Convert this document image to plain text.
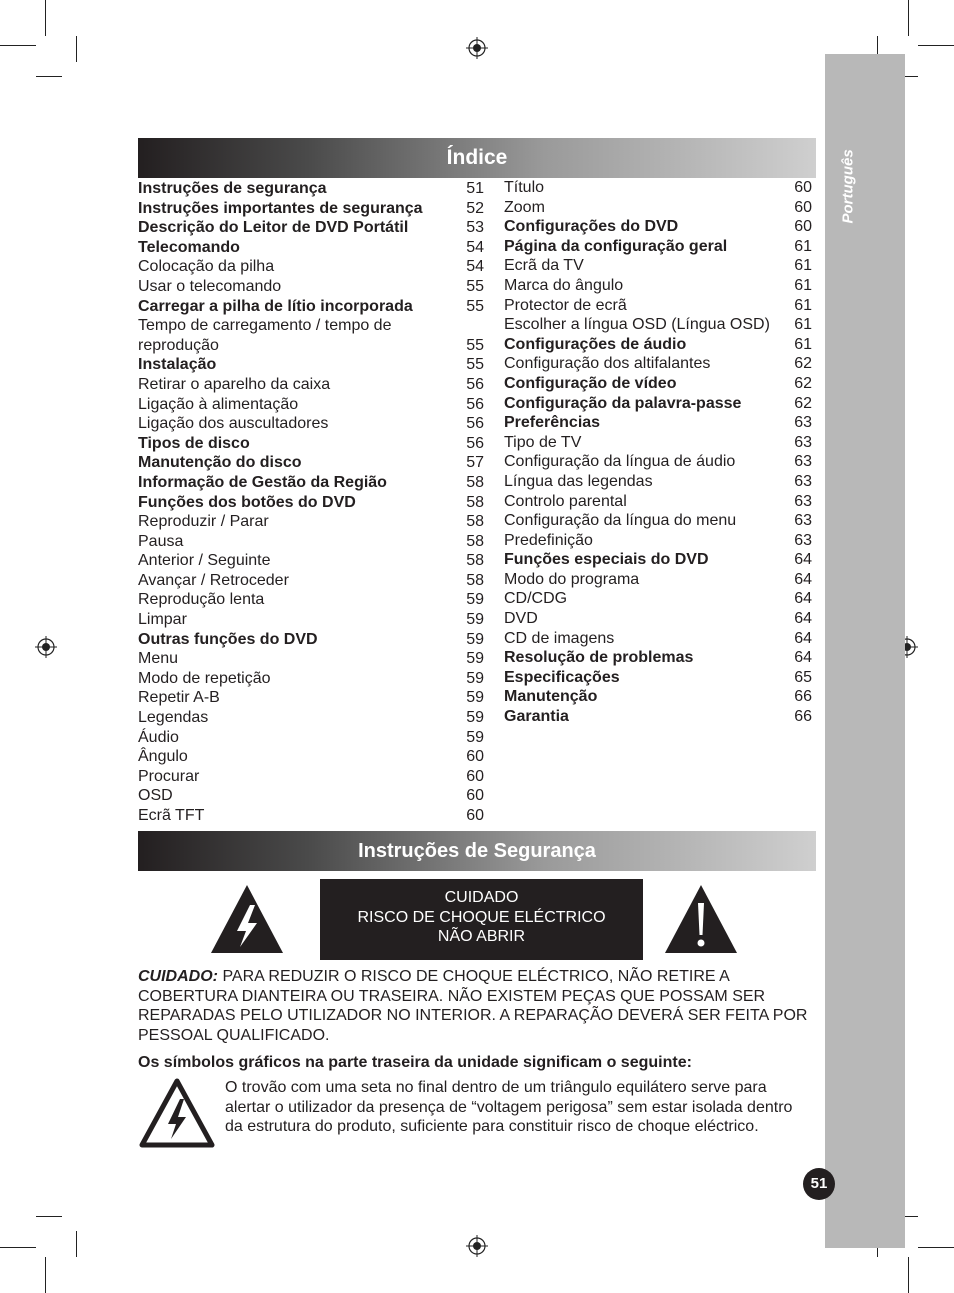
Português
51
Índice
Instruções de segurança	51
Instruções importantes de segurança	52
Descrição do Leitor de DVD Portátil	53
Telecomando	54
Colocação da pilha	54
Usar o telecomando	55
Carregar a pilha de lítio incorporada	55
Tempo de carregamento / tempo de reprodução	55
Instalação	55
Retirar o aparelho da caixa	56
Ligação à alimentação	56
Ligação dos auscultadores	56
Tipos de disco	56
Manutenção do disco	57
Informação de Gestão da Região	58
Funções dos botões do DVD	58
Reproduzir / Parar	58
Pausa	58
Anterior / Seguinte	58
Avançar / Retroceder	58
Reprodução lenta	59
Limpar	59
Outras funções do DVD	59
Menu	59
Modo de repetição	59
Repetir A-B	59
Legendas	59
Áudio	59
Ângulo	60
Procurar	60
OSD	60
Ecrã TFT	60
Título	60
Zoom	60
Configurações do DVD	60
Página da configuração geral	61
Ecrã da TV	61
Marca do ângulo	61
Protector de ecrã	61
Escolher a língua OSD (Língua OSD)	61
Configurações de áudio	61
Configuração dos altifalantes	62
Configuração de vídeo	62
Configuração da palavra-passe	62
Preferências	63
Tipo de TV	63
Configuração da língua de áudio	63
Língua das legendas	63
Controlo parental	63
Configuração da língua do menu	63
Predefinição	63
Funções especiais do DVD	64
Modo do programa	64
CD/CDG	64
DVD	64
CD de imagens	64
Resolução de problemas	64
Especificações	65
Manutenção	66
Garantia	66
Instruções de Segurança
CUIDADO
RISCO DE CHOQUE ELÉCTRICO
NÃO ABRIR
CUIDADO: PARA REDUZIR O RISCO DE CHOQUE ELÉCTRICO, NÃO RETIRE A COBERTURA DIANTEIRA OU TRASEIRA. NÃO EXISTEM PEÇAS QUE POSSAM SER REPARADAS PELO UTILIZADOR NO INTERIOR. A REPARAÇÃO DEVERÁ SER FEITA POR PESSOAL QUALIFICADO.
Os símbolos gráficos na parte traseira da unidade significam o seguinte:
O trovão com uma seta no final dentro de um triângulo equilátero serve para alertar o utilizador da presença de “voltagem perigosa” sem estar isolada dentro da estrutura do produto, suficiente para constituir risco de choque eléctrico.
